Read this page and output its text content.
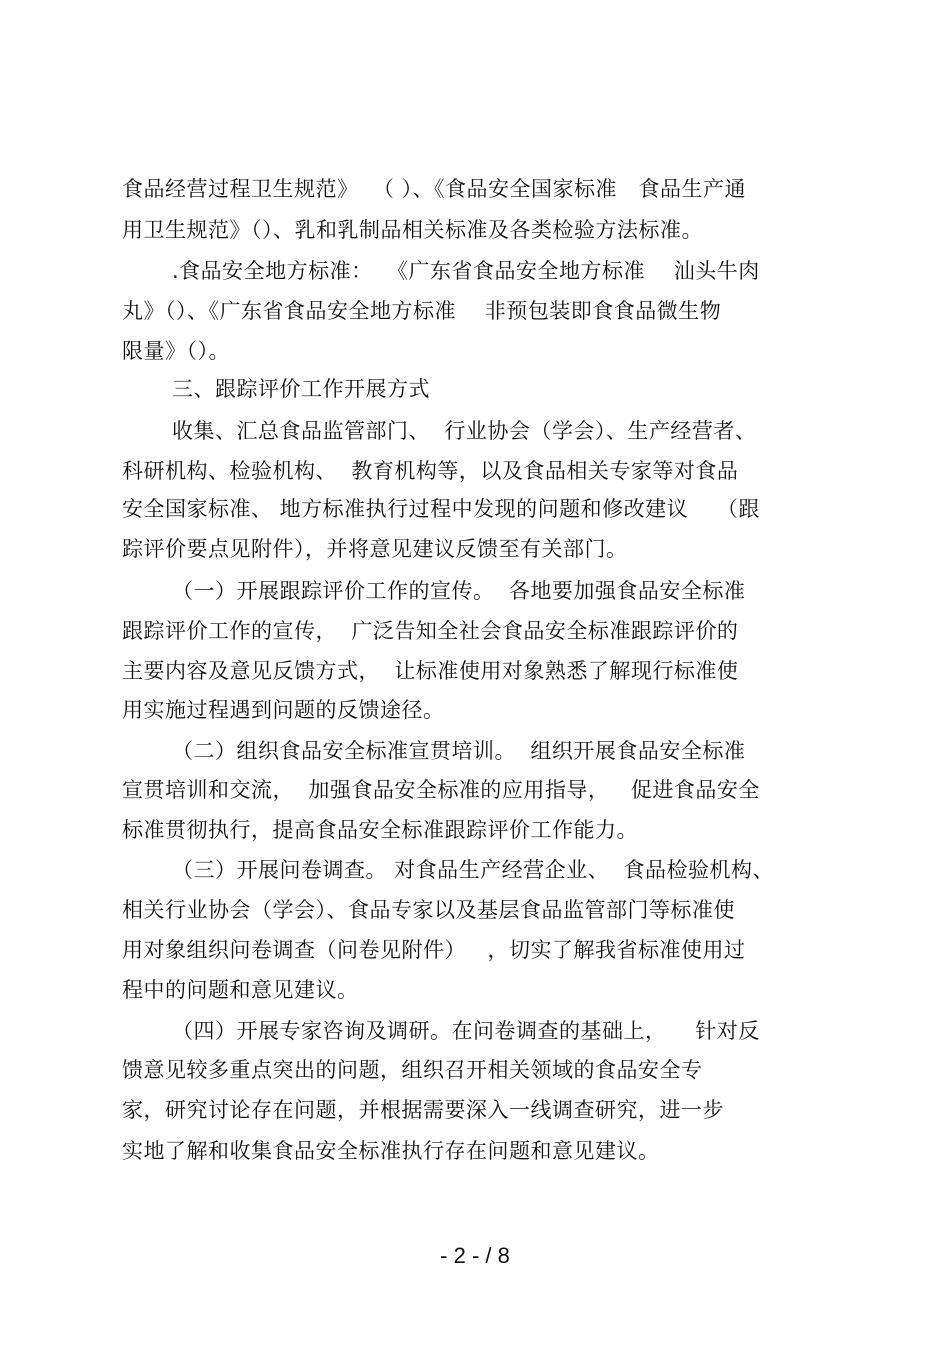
食品经营过程卫生规范》  （ ）、《食品安全国家标准   食品生产通
用卫生规范》（）、乳和乳制品相关标准及各类检验方法标准。
.食品安全地方标准：  《广东省食品安全地方标准    汕头牛肉
丸》（）、《广东省食品安全地方标准    非预包装即食食品微生物
限量》（）。
三、跟踪评价工作开展方式
收集、汇总食品监管部门、  行业协会（学会）、生产经营者、
科研机构、检验机构、  教育机构等，以及食品相关专家等对食品
安全国家标准、 地方标准执行过程中发现的问题和修改建议    （跟
踪评价要点见附件），并将意见建议反馈至有关部门。
（一）开展跟踪评价工作的宣传。  各地要加强食品安全标准
跟踪评价工作的宣传，  广泛告知全社会食品安全标准跟踪评价的
主要内容及意见反馈方式，  让标准使用对象熟悉了解现行标准使
用实施过程遇到问题的反馈途径。
（二）组织食品安全标准宣贯培训。  组织开展食品安全标准
宣贯培训和交流，  加强食品安全标准的应用指导，   促进食品安全
标准贯彻执行，提高食品安全标准跟踪评价工作能力。
（三）开展问卷调查。 对食品生产经营企业、  食品检验机构、
相关行业协会（学会）、食品专家以及基层食品监管部门等标准使
用对象组织问卷调查（问卷见附件）   ，切实了解我省标准使用过
程中的问题和意见建议。
（四）开展专家咨询及调研。在问卷调查的基础上，    针对反
馈意见较多重点突出的问题，组织召开相关领域的食品安全专
家，研究讨论存在问题，并根据需要深入一线调查研究，进一步
实地了解和收集食品安全标准执行存在问题和意见建议。
- 2 - / 8
